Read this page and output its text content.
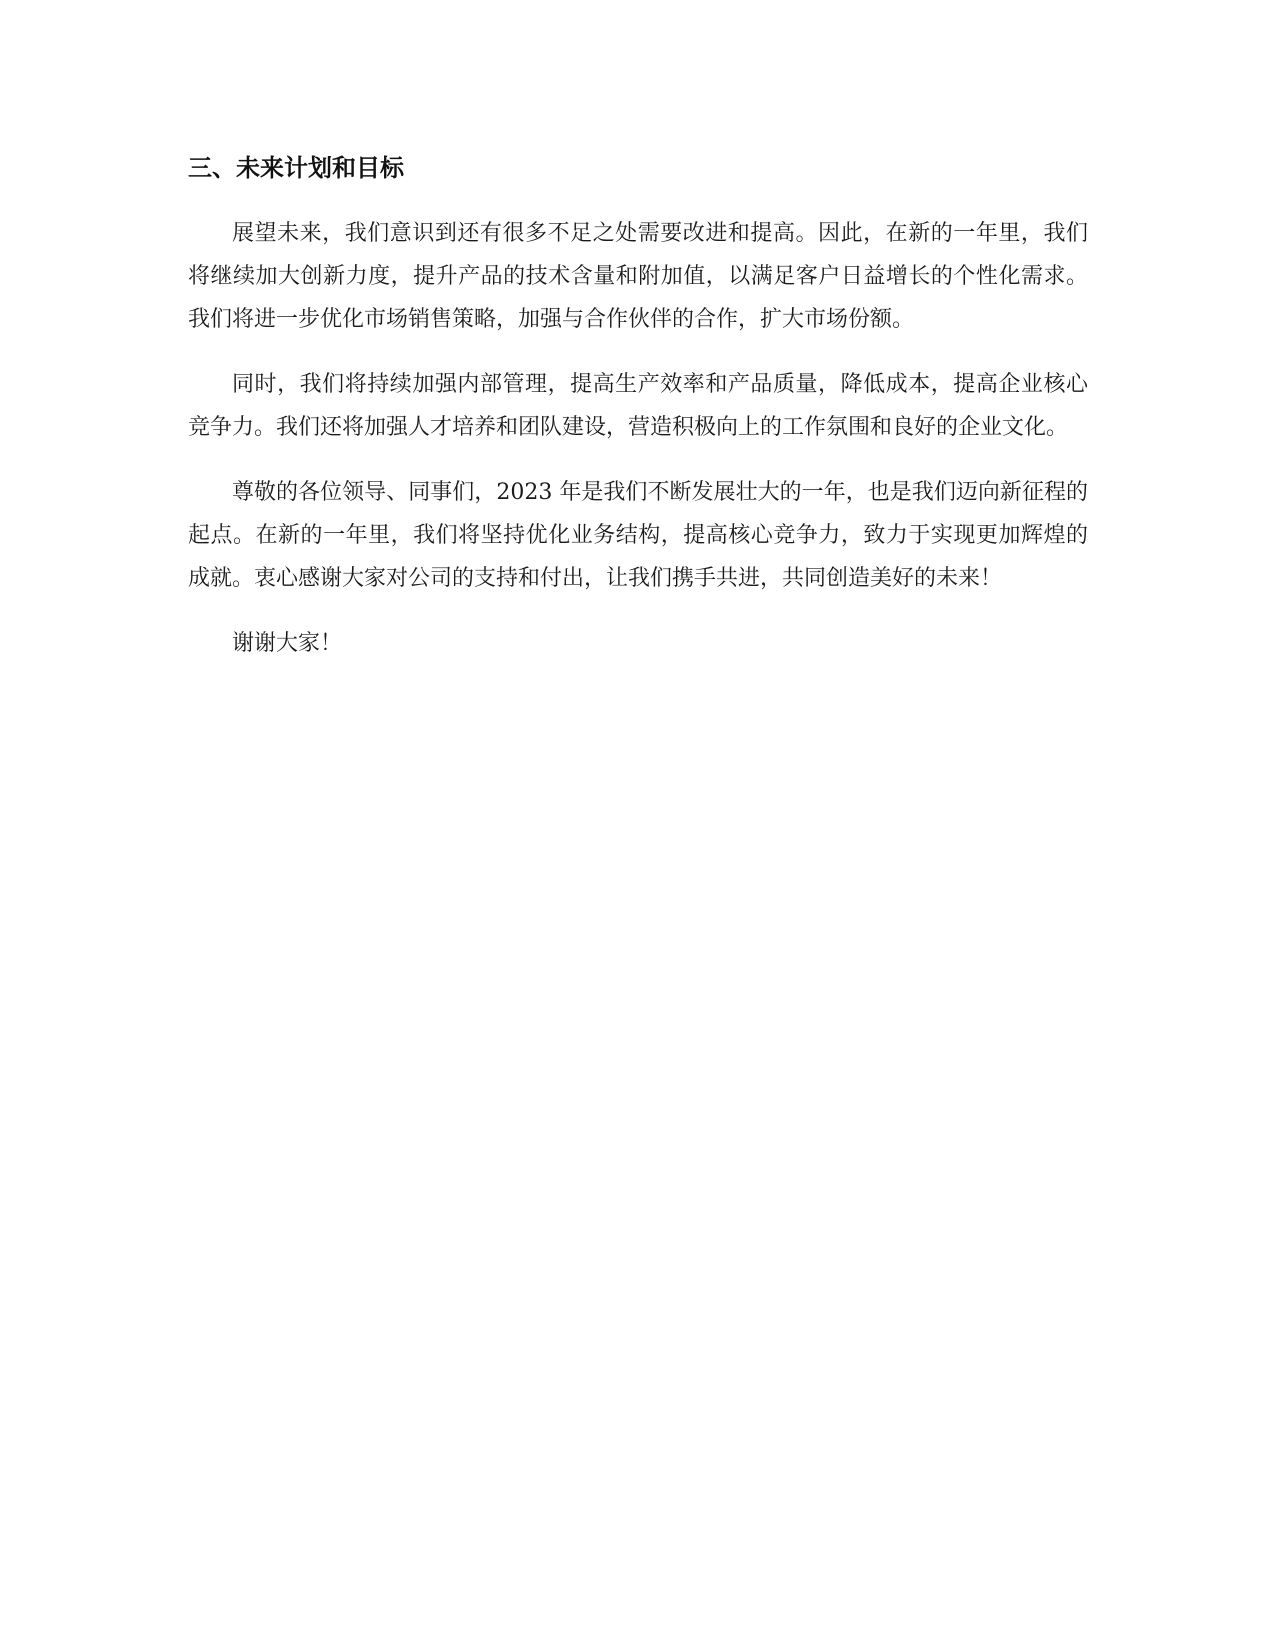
三、未来计划和目标

展望未来，我们意识到还有很多不足之处需要改进和提高。因此，在新的一年里，我们将继续加大创新力度，提升产品的技术含量和附加值，以满足客户日益增长的个性化需求。我们将进一步优化市场销售策略，加强与合作伙伴的合作，扩大市场份额。

同时，我们将持续加强内部管理，提高生产效率和产品质量，降低成本，提高企业核心竞争力。我们还将加强人才培养和团队建设，营造积极向上的工作氛围和良好的企业文化。

尊敬的各位领导、同事们，2023 年是我们不断发展壮大的一年，也是我们迈向新征程的起点。在新的一年里，我们将坚持优化业务结构，提高核心竞争力，致力于实现更加辉煌的成就。衷心感谢大家对公司的支持和付出，让我们携手共进，共同创造美好的未来！

谢谢大家！
